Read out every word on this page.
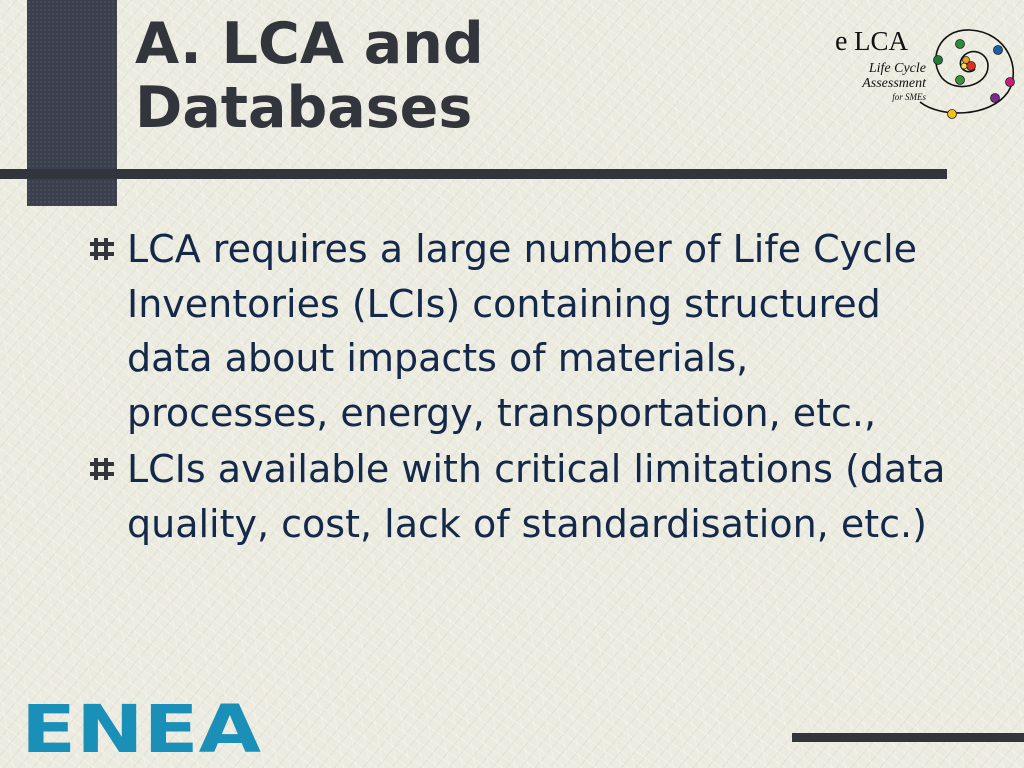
A. LCA and
Databases
e LCA
Life Cycle
Assessment
for SMEs
LCA requires a large number of Life Cycle Inventories (LCIs) containing structured data about impacts of materials, processes, energy, transportation, etc.,
LCIs available with critical limitations (data quality, cost, lack of standardisation, etc.)
ENEA
